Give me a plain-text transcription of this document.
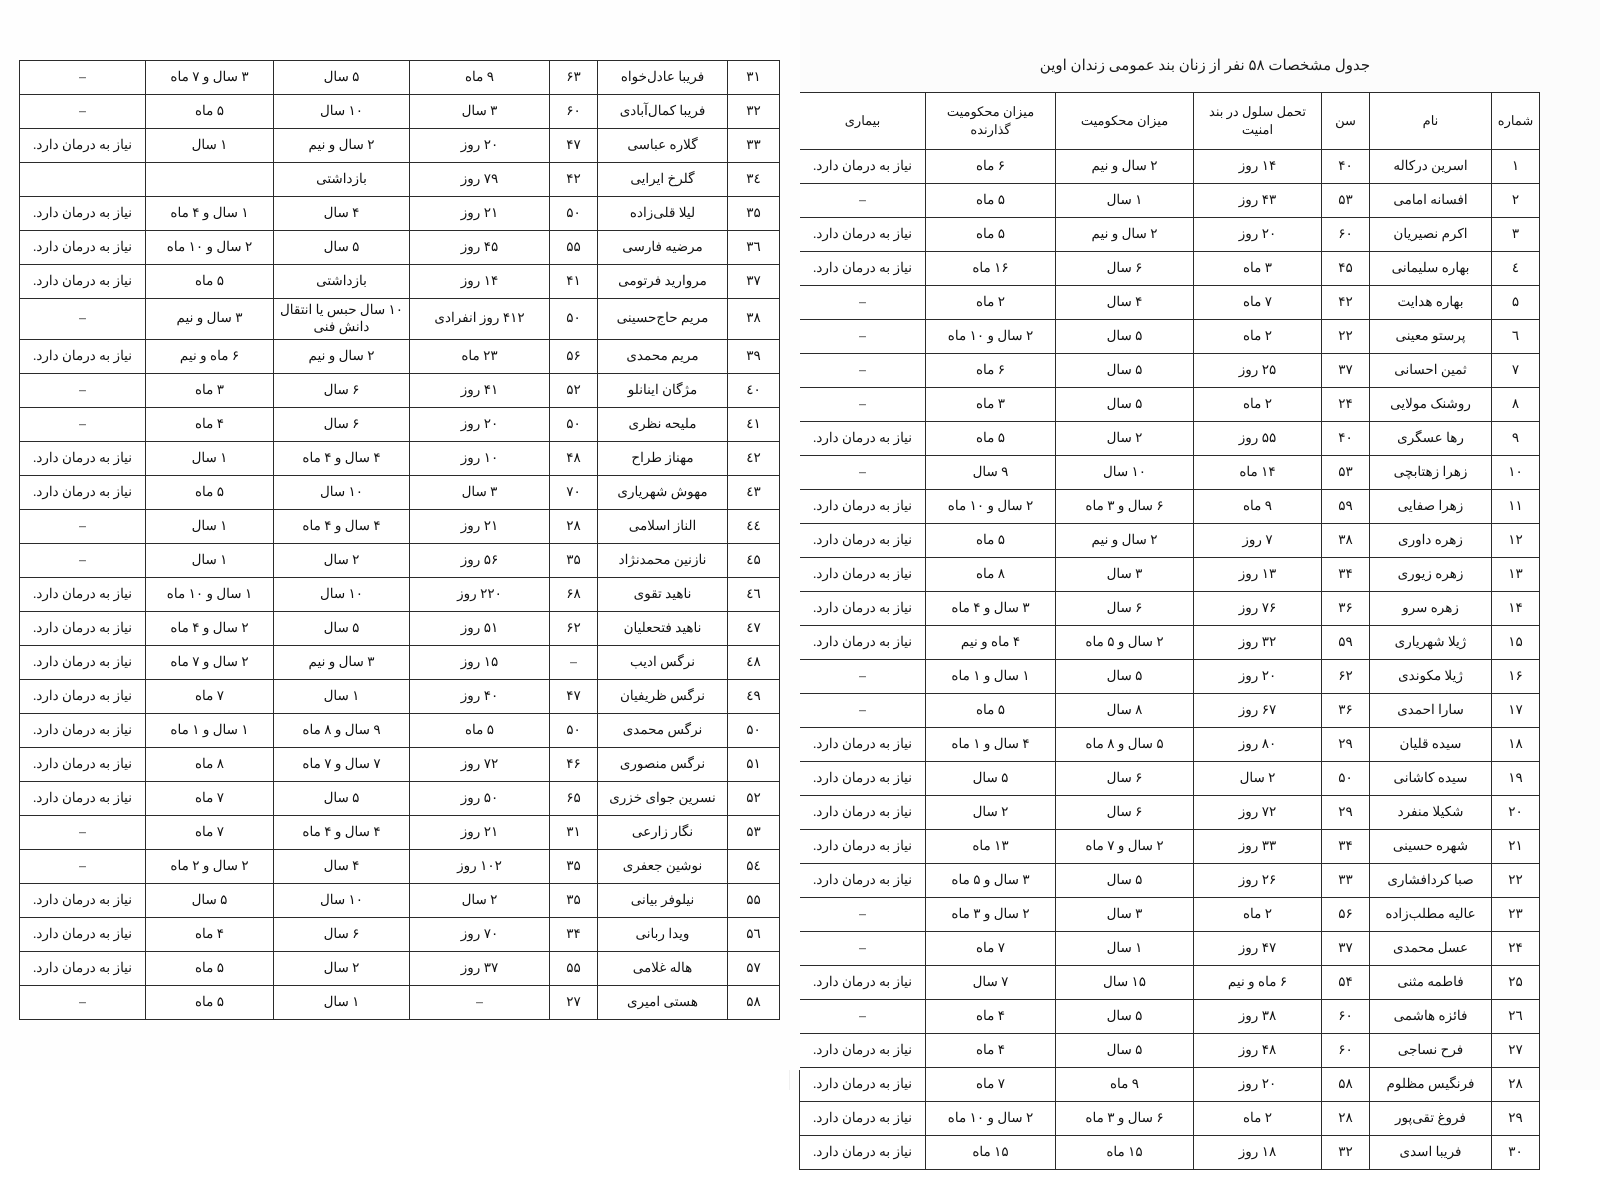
جدول مشخصات ۵۸ نفر از زنان بند عمومی زندان اوین
شماره	نام	سن	تحمل سلول در بند امنیت	میزان محکومیت	میزان محکومیت گذارنده	بیماری
۱	اسرین درکاله	۴۰	۱۴ روز	۲ سال و نیم	۶ ماه	نیاز به درمان دارد.
۲	افسانه امامی	۵۳	۴۳ روز	۱ سال	۵ ماه	–
۳	اکرم نصیریان	۶۰	۲۰ روز	۲ سال و نیم	۵ ماه	نیاز به درمان دارد.
٤	بهاره سلیمانی	۴۵	۳ ماه	۶ سال	۱۶ ماه	نیاز به درمان دارد.
۵	بهاره هدایت	۴۲	۷ ماه	۴ سال	۲ ماه	–
٦	پرستو معینی	۲۲	۲ ماه	۵ سال	۲ سال و ۱۰ ماه	–
۷	ثمین احسانی	۳۷	۲۵ روز	۵ سال	۶ ماه	–
۸	روشنک مولایی	۲۴	۲ ماه	۵ سال	۳ ماه	–
۹	رها عسگری	۴۰	۵۵ روز	۲ سال	۵ ماه	نیاز به درمان دارد.
۱۰	زهرا زهتابچی	۵۳	۱۴ ماه	۱۰ سال	۹ سال	–
۱۱	زهرا صفایی	۵۹	۹ ماه	۶ سال و ۳ ماه	۲ سال و ۱۰ ماه	نیاز به درمان دارد.
۱۲	زهره داوری	۳۸	۷ روز	۲ سال و نیم	۵ ماه	نیاز به درمان دارد.
۱۳	زهره زیوری	۳۴	۱۳ روز	۳ سال	۸ ماه	نیاز به درمان دارد.
۱۴	زهره سرو	۳۶	۷۶ روز	۶ سال	۳ سال و ۴ ماه	نیاز به درمان دارد.
۱۵	ژیلا شهریاری	۵۹	۳۲ روز	۲ سال و ۵ ماه	۴ ماه و نیم	نیاز به درمان دارد.
۱۶	ژیلا مکوندی	۶۲	۲۰ روز	۵ سال	۱ سال و ۱ ماه	–
۱۷	سارا احمدی	۳۶	۶۷ روز	۸ سال	۵ ماه	–
۱۸	سیده قلیان	۲۹	۸۰ روز	۵ سال و ۸ ماه	۴ سال و ۱ ماه	نیاز به درمان دارد.
۱۹	سیده کاشانی	۵۰	۲ سال	۶ سال	۵ سال	نیاز به درمان دارد.
۲۰	شکیلا منفرد	۲۹	۷۲ روز	۶ سال	۲ سال	نیاز به درمان دارد.
۲۱	شهره حسینی	۳۴	۳۳ روز	۲ سال و ۷ ماه	۱۳ ماه	نیاز به درمان دارد.
۲۲	صبا کردافشاری	۳۳	۲۶ روز	۵ سال	۳ سال و ۵ ماه	نیاز به درمان دارد.
۲۳	عالیه مطلب‌زاده	۵۶	۲ ماه	۳ سال	۲ سال و ۳ ماه	–
۲۴	عسل محمدی	۳۷	۴۷ روز	۱ سال	۷ ماه	–
۲۵	فاطمه مثنی	۵۴	۶ ماه و نیم	۱۵ سال	۷ سال	نیاز به درمان دارد.
۲٦	فائزه هاشمی	۶۰	۳۸ روز	۵ سال	۴ ماه	–
۲۷	فرح نساجی	۶۰	۴۸ روز	۵ سال	۴ ماه	نیاز به درمان دارد.
۲۸	فرنگیس مظلوم	۵۸	۲۰ روز	۹ ماه	۷ ماه	نیاز به درمان دارد.
۲۹	فروغ تقی‌پور	۲۸	۲ ماه	۶ سال و ۳ ماه	۲ سال و ۱۰ ماه	نیاز به درمان دارد.
۳۰	فریبا اسدی	۳۲	۱۸ روز	۱۵ ماه	۱۵ ماه	نیاز به درمان دارد.
۳۱	فریبا عادل‌خواه	۶۳	۹ ماه	۵ سال	۳ سال و ۷ ماه	–
۳۲	فریبا کمال‌آبادی	۶۰	۳ سال	۱۰ سال	۵ ماه	–
۳۳	گلاره عباسی	۴۷	۲۰ روز	۲ سال و نیم	۱ سال	نیاز به درمان دارد.
۳٤	گلرخ ایرایی	۴۲	۷۹ روز	بازداشتی		
۳۵	لیلا قلی‌زاده	۵۰	۲۱ روز	۴ سال	۱ سال و ۴ ماه	نیاز به درمان دارد.
۳٦	مرضیه فارسی	۵۵	۴۵ روز	۵ سال	۲ سال و ۱۰ ماه	نیاز به درمان دارد.
۳۷	مروارید فرتومی	۴۱	۱۴ روز	بازداشتی	۵ ماه	نیاز به درمان دارد.
۳۸	مریم حاج‌حسینی	۵۰	۴۱۲ روز انفرادی	۱۰ سال حبس یا انتقال دانش فنی	۳ سال و نیم	–
۳۹	مریم محمدی	۵۶	۲۳ ماه	۲ سال و نیم	۶ ماه و نیم	نیاز به درمان دارد.
٤۰	مژگان اینانلو	۵۲	۴۱ روز	۶ سال	۳ ماه	–
٤۱	ملیحه نظری	۵۰	۲۰ روز	۶ سال	۴ ماه	–
٤۲	مهناز طراح	۴۸	۱۰ روز	۴ سال و ۴ ماه	۱ سال	نیاز به درمان دارد.
٤۳	مهوش شهریاری	۷۰	۳ سال	۱۰ سال	۵ ماه	نیاز به درمان دارد.
٤٤	الناز اسلامی	۲۸	۲۱ روز	۴ سال و ۴ ماه	۱ سال	–
٤۵	نازنین محمدنژاد	۳۵	۵۶ روز	۲ سال	۱ سال	–
٤٦	ناهید تقوی	۶۸	۲۲۰ روز	۱۰ سال	۱ سال و ۱۰ ماه	نیاز به درمان دارد.
٤۷	ناهید فتحعلیان	۶۲	۵۱ روز	۵ سال	۲ سال و ۴ ماه	نیاز به درمان دارد.
٤۸	نرگس ادیب	–	۱۵ روز	۳ سال و نیم	۲ سال و ۷ ماه	نیاز به درمان دارد.
٤۹	نرگس ظریفیان	۴۷	۴۰ روز	۱ سال	۷ ماه	نیاز به درمان دارد.
۵۰	نرگس محمدی	۵۰	۵ ماه	۹ سال و ۸ ماه	۱ سال و ۱ ماه	نیاز به درمان دارد.
۵۱	نرگس منصوری	۴۶	۷۲ روز	۷ سال و ۷ ماه	۸ ماه	نیاز به درمان دارد.
۵۲	نسرین جوای خزری	۶۵	۵۰ روز	۵ سال	۷ ماه	نیاز به درمان دارد.
۵۳	نگار زارعی	۳۱	۲۱ روز	۴ سال و ۴ ماه	۷ ماه	–
۵٤	نوشین جعفری	۳۵	۱۰۲ روز	۴ سال	۲ سال و ۲ ماه	–
۵۵	نیلوفر بیانی	۳۵	۲ سال	۱۰ سال	۵ سال	نیاز به درمان دارد.
۵٦	ویدا ربانی	۳۴	۷۰ روز	۶ سال	۴ ماه	نیاز به درمان دارد.
۵۷	هاله غلامی	۵۵	۳۷ روز	۲ سال	۵ ماه	نیاز به درمان دارد.
۵۸	هستی امیری	۲۷	–	۱ سال	۵ ماه	–
